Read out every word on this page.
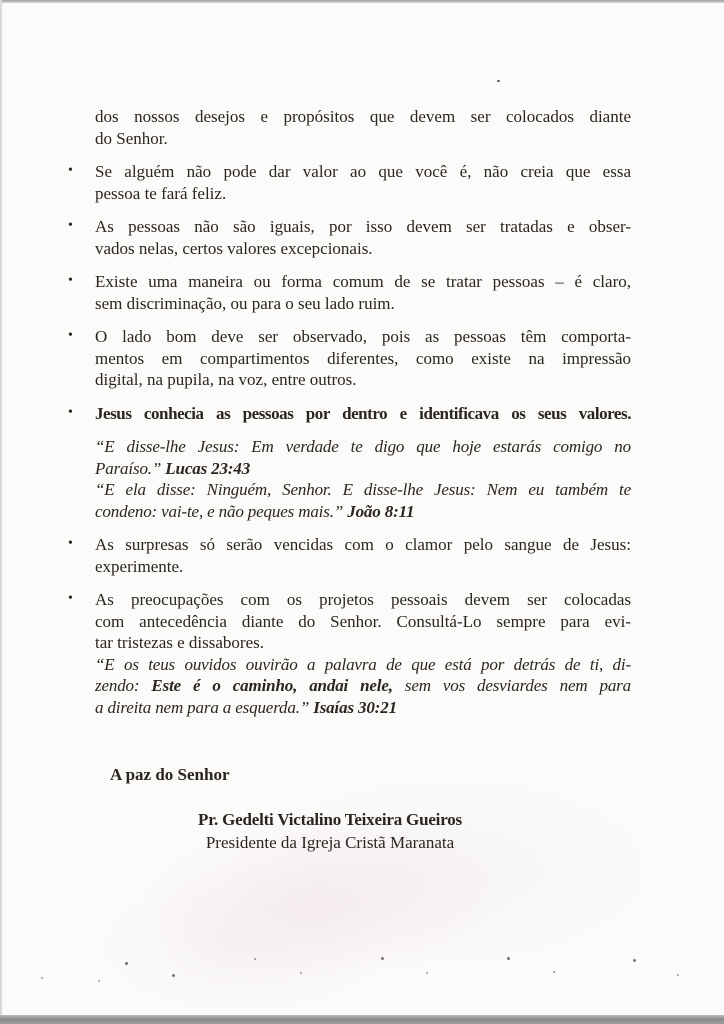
dos nossos desejos e propósitos que devem ser colocados diante
do Senhor.
• Se alguém não pode dar valor ao que você é, não creia que essa
pessoa te fará feliz.
• As pessoas não são iguais, por isso devem ser tratadas e obser-
vados nelas, certos valores excepcionais.
• Existe uma maneira ou forma comum de se tratar pessoas – é claro,
sem discriminação, ou para o seu lado ruim.
• O lado bom deve ser observado, pois as pessoas têm comporta-
mentos em compartimentos diferentes, como existe na impressão
digital, na pupila, na voz, entre outros.
• Jesus conhecia as pessoas por dentro e identificava os seus valores.
“E disse-lhe Jesus: Em verdade te digo que hoje estarás comigo no
Paraíso.” Lucas 23:43
“E ela disse: Ninguém, Senhor. E disse-lhe Jesus: Nem eu também te
condeno: vai-te, e não peques mais.” João 8:11
• As surpresas só serão vencidas com o clamor pelo sangue de Jesus:
experimente.
• As preocupações com os projetos pessoais devem ser colocadas
com antecedência diante do Senhor. Consultá-Lo sempre para evi-
tar tristezas e dissabores.
“E os teus ouvidos ouvirão a palavra de que está por detrás de ti, di-
zendo: Este é o caminho, andai nele, sem vos desviardes nem para
a direita nem para a esquerda.” Isaías 30:21
A paz do Senhor
Pr. Gedelti Victalino Teixeira Gueiros
Presidente da Igreja Cristã Maranata
